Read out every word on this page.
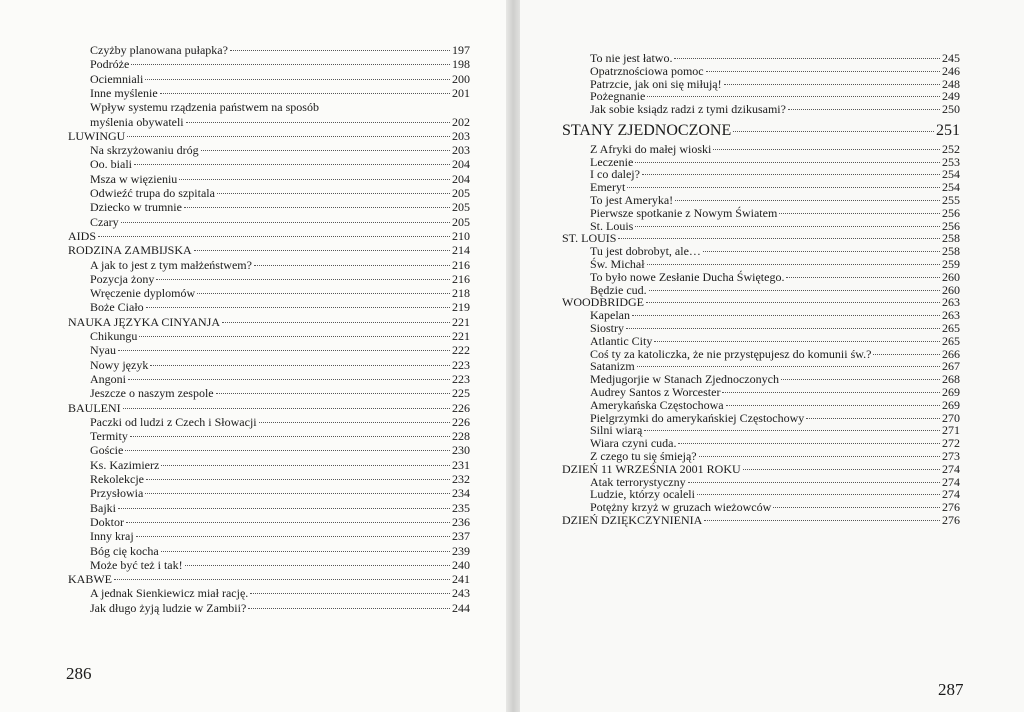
Czyżby planowana pułapka?	197
Podróże	198
Ociemniali	200
Inne myślenie	201
Wpływ systemu rządzenia państwem na sposób
myślenia obywateli	202
LUWINGU	203
Na skrzyżowaniu dróg	203
Oo. biali	204
Msza w więzieniu	204
Odwieźć trupa do szpitala	205
Dziecko w trumnie	205
Czary	205
AIDS	210
RODZINA ZAMBIJSKA	214
A jak to jest z tym małżeństwem?	216
Pozycja żony	216
Wręczenie dyplomów	218
Boże Ciało	219
NAUKA JĘZYKA CINYANJA	221
Chikungu	221
Nyau	222
Nowy język	223
Angoni	223
Jeszcze o naszym zespole	225
BAULENI	226
Paczki od ludzi z Czech i Słowacji	226
Termity	228
Goście	230
Ks. Kazimierz	231
Rekolekcje	232
Przysłowia	234
Bajki	235
Doktor	236
Inny kraj	237
Bóg cię kocha	239
Może być też i tak!	240
KABWE	241
A jednak Sienkiewicz miał rację.	243
Jak długo żyją ludzie w Zambii?	244
286
To nie jest łatwo.	245
Opatrznościowa pomoc	246
Patrzcie, jak oni się miłują!	248
Pożegnanie	249
Jak sobie ksiądz radzi z tymi dzikusami?	250
STANY ZJEDNOCZONE	251
Z Afryki do małej wioski	252
Leczenie	253
I co dalej?	254
Emeryt	254
To jest Ameryka!	255
Pierwsze spotkanie z Nowym Światem	256
St. Louis	256
ST. LOUIS	258
Tu jest dobrobyt, ale…	258
Św. Michał	259
To było nowe Zesłanie Ducha Świętego.	260
Będzie cud.	260
WOODBRIDGE	263
Kapelan	263
Siostry	265
Atlantic City	265
Coś ty za katoliczka, że nie przystępujesz do komunii św.?	266
Satanizm	267
Medjugorjie w Stanach Zjednoczonych	268
Audrey Santos z Worcester	269
Amerykańska Częstochowa	269
Pielgrzymki do amerykańskiej Częstochowy	270
Silni wiarą	271
Wiara czyni cuda.	272
Z czego tu się śmieją?	273
DZIEŃ 11 WRZEŚNIA 2001 ROKU	274
Atak terrorystyczny	274
Ludzie, którzy ocaleli	274
Potężny krzyż w gruzach wieżowców	276
DZIEŃ DZIĘKCZYNIENIA	276
287
